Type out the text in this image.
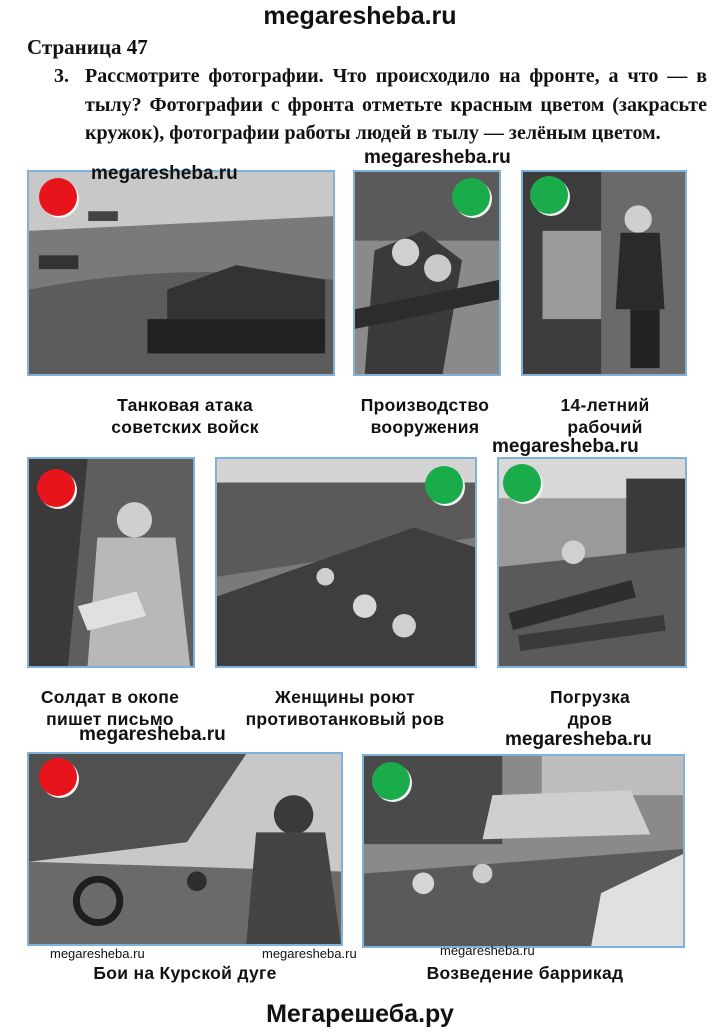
megaresheba.ru
Страница 47
3. Рассмотрите фотографии. Что происходило на фронте, а что — в тылу? Фотографии с фронта отметьте красным цветом (закрасьте кружок), фотографии работы людей в тылу — зелёным цветом.
megaresheba.ru
megaresheba.ru
Танковая атака
советских войск
Производство
вооружения
14-летний
рабочий
megaresheba.ru
Солдат в окопе
пишет письмо
Женщины роют
противотанковый ров
Погрузка
дров
megaresheba.ru	megaresheba.ru
megaresheba.ru	megaresheba.ru	megaresheba.ru
Бои на Курской дуге	Возведение баррикад
Мегарешеба.ру
